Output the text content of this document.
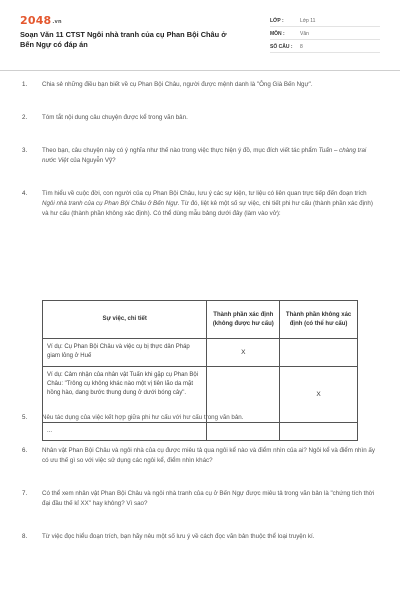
2048.vn
Soạn Văn 11 CTST Ngôi nhà tranh của cụ Phan Bội Châu ở Bến Ngự có đáp án
LỚP :	Lớp 11
MÔN :	Văn
SỐ CÂU :	8
1.	Chia sẻ những điều bạn biết về cụ Phan Bội Châu, người được mệnh danh là "Ông Già Bến Ngự".
2.	Tóm tắt nội dung câu chuyện được kể trong văn bản.
3.	Theo bạn, câu chuyện này có ý nghĩa như thế nào trong việc thực hiện ý đồ, mục đích viết tác phẩm Tuấn – chàng trai nước Việt của Nguyễn Vỹ?
4.	Tìm hiểu về cuộc đời, con người của cụ Phan Bội Châu, lưu ý các sự kiện, tư liệu có liên quan trực tiếp đến đoạn trích Ngôi nhà tranh của cụ Phan Bội Châu ở Bến Ngự. Từ đó, liệt kê một số sự việc, chi tiết phi hư cấu (thành phần xác định) và hư cấu (thành phần không xác định). Có thể dùng mẫu bảng dưới đây (làm vào vở):
5.	Nêu tác dụng của việc kết hợp giữa phi hư cấu với hư cấu trong văn bản.
6.	Nhân vật Phan Bội Châu và ngôi nhà của cụ được miêu tả qua ngôi kể nào và điểm nhìn của ai? Ngôi kể và điểm nhìn ấy có ưu thế gì so với việc sử dụng các ngôi kể, điểm nhìn khác?
7.	Có thể xem nhân vật Phan Bội Châu và ngôi nhà tranh của cụ ở Bến Ngự được miêu tả trong văn bản là "chứng tích thời đại đầu thế kỉ XX" hay không? Vì sao?
8.	Từ việc đọc hiểu đoạn trích, bạn hãy nêu một số lưu ý về cách đọc văn bản thuộc thể loại truyện kí.
Sự việc, chi tiết	Thành phần xác định (không được hư cấu)	Thành phần không xác định (có thể hư cấu)
Ví dụ: Cụ Phan Bội Châu và việc cụ bị thực dân Pháp giam lỏng ở Huế	X	
Ví dụ: Cảm nhận của nhân vật Tuấn khi gặp cụ Phan Bội Châu: "Trông cụ không khác nào một vị tiên lão da mặt hồng hào, dang bước thung dung ở dưới bóng cây".		X
...		
